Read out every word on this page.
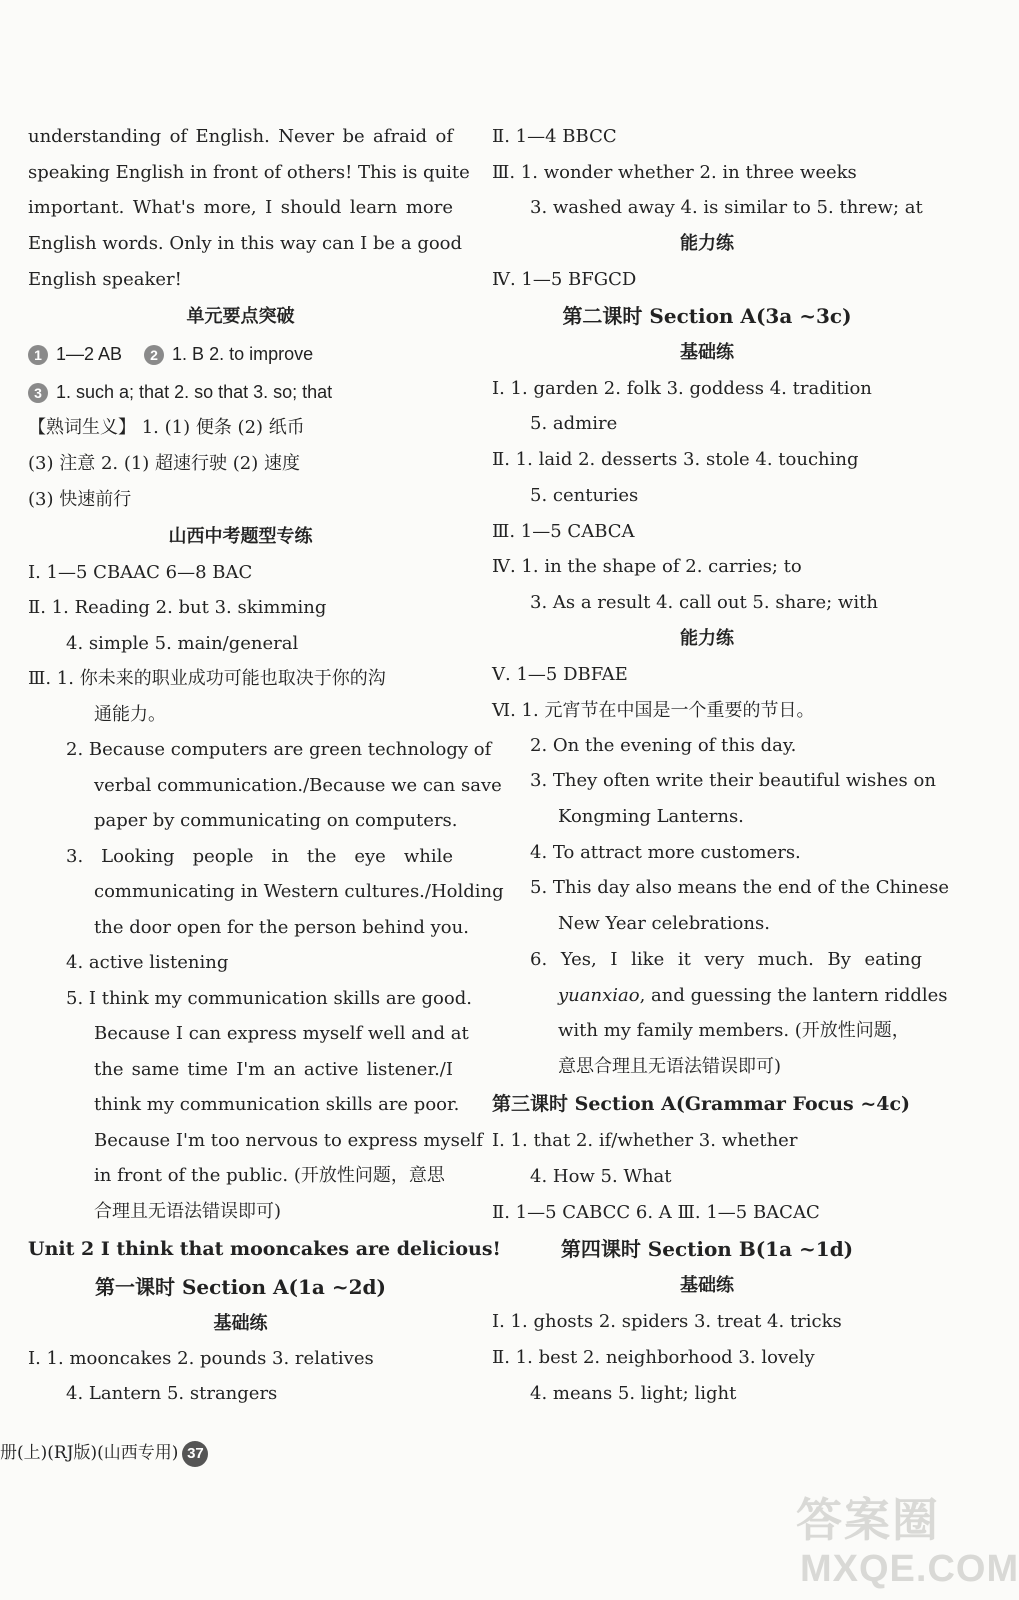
understanding of English. Never be afraid of
speaking English in front of others! This is quite
important. What's more, I should learn more
English words. Only in this way can I be a good
English speaker!
单元要点突破
1 1—2 AB 2 1. B 2. to improve
3 1. such a; that 2. so that 3. so; that
【熟词生义】 1. (1) 便条 (2) 纸币
(3) 注意 2. (1) 超速行驶 (2) 速度
(3) 快速前行
山西中考题型专练
Ⅰ. 1—5 CBAAC 6—8 BAC
Ⅱ. 1. Reading 2. but 3. skimming
4. simple 5. main/general
Ⅲ. 1. 你未来的职业成功可能也取决于你的沟
通能力。
2. Because computers are green technology of
verbal communication./Because we can save
paper by communicating on computers.
3. Looking people in the eye while
communicating in Western cultures./Holding
the door open for the person behind you.
4. active listening
5. I think my communication skills are good.
Because I can express myself well and at
the same time I'm an active listener./I
think my communication skills are poor.
Because I'm too nervous to express myself
in front of the public. (开放性问题，意思
合理且无语法错误即可)
Unit 2 I think that mooncakes are delicious!
第一课时 Section A(1a ~2d)
基础练
Ⅰ. 1. mooncakes 2. pounds 3. relatives
4. Lantern 5. strangers
Ⅱ. 1—4 BBCC
Ⅲ. 1. wonder whether 2. in three weeks
3. washed away 4. is similar to 5. threw; at
能力练
Ⅳ. 1—5 BFGCD
第二课时 Section A(3a ~3c)
基础练
Ⅰ. 1. garden 2. folk 3. goddess 4. tradition
5. admire
Ⅱ. 1. laid 2. desserts 3. stole 4. touching
5. centuries
Ⅲ. 1—5 CABCA
Ⅳ. 1. in the shape of 2. carries; to
3. As a result 4. call out 5. share; with
能力练
Ⅴ. 1—5 DBFAE
Ⅵ. 1. 元宵节在中国是一个重要的节日。
2. On the evening of this day.
3. They often write their beautiful wishes on
Kongming Lanterns.
4. To attract more customers.
5. This day also means the end of the Chinese
New Year celebrations.
6. Yes, I like it very much. By eating
yuanxiao, and guessing the lantern riddles
with my family members. (开放性问题，
意思合理且无语法错误即可)
第三课时 Section A(Grammar Focus ~4c)
Ⅰ. 1. that 2. if/whether 3. whether
4. How 5. What
Ⅱ. 1—5 CABCC 6. A Ⅲ. 1—5 BACAC
第四课时 Section B(1a ~1d)
基础练
Ⅰ. 1. ghosts 2. spiders 3. treat 4. tricks
Ⅱ. 1. best 2. neighborhood 3. lovely
4. means 5. light; light
册(上)(RJ版)(山西专用) 37
答案圈
MXQE.COM
